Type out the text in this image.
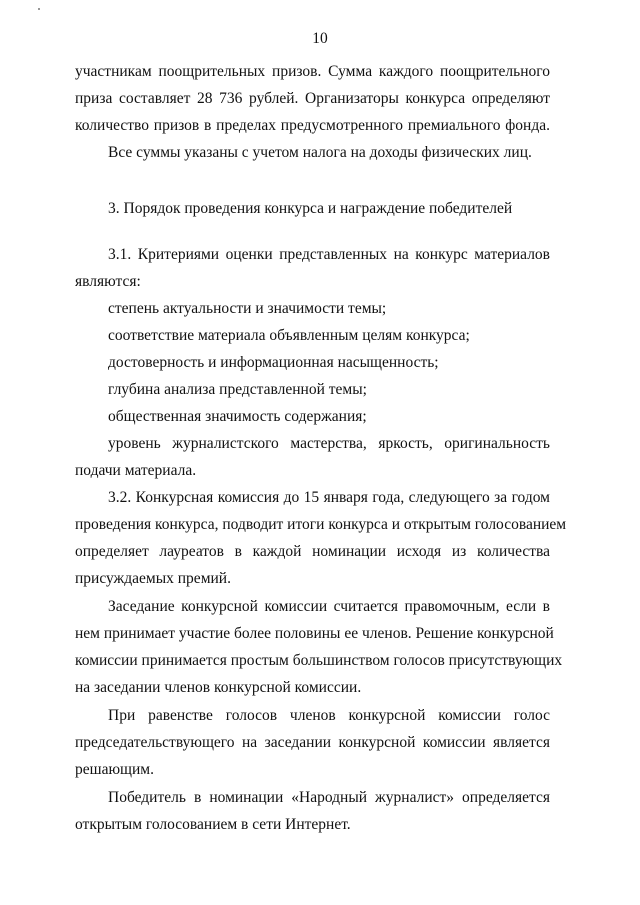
10
участникам поощрительных призов. Сумма каждого поощрительного
приза составляет 28 736 рублей. Организаторы конкурса определяют
количество призов в пределах предусмотренного премиального фонда.
Все суммы указаны с учетом налога на доходы физических лиц.
3. Порядок проведения конкурса и награждение победителей
3.1. Критериями оценки представленных на конкурс материалов
являются:
степень актуальности и значимости темы;
соответствие материала объявленным целям конкурса;
достоверность и информационная насыщенность;
глубина анализа представленной темы;
общественная значимость содержания;
уровень журналистского мастерства, яркость, оригинальность
подачи материала.
3.2. Конкурсная комиссия до 15 января года, следующего за годом
проведения конкурса, подводит итоги конкурса и открытым голосованием
определяет лауреатов в каждой номинации исходя из количества
присуждаемых премий.
Заседание конкурсной комиссии считается правомочным, если в
нем принимает участие более половины ее членов. Решение конкурсной
комиссии принимается простым большинством голосов присутствующих
на заседании членов конкурсной комиссии.
При равенстве голосов членов конкурсной комиссии голос
председательствующего на заседании конкурсной комиссии является
решающим.
Победитель в номинации «Народный журналист» определяется
открытым голосованием в сети Интернет.
